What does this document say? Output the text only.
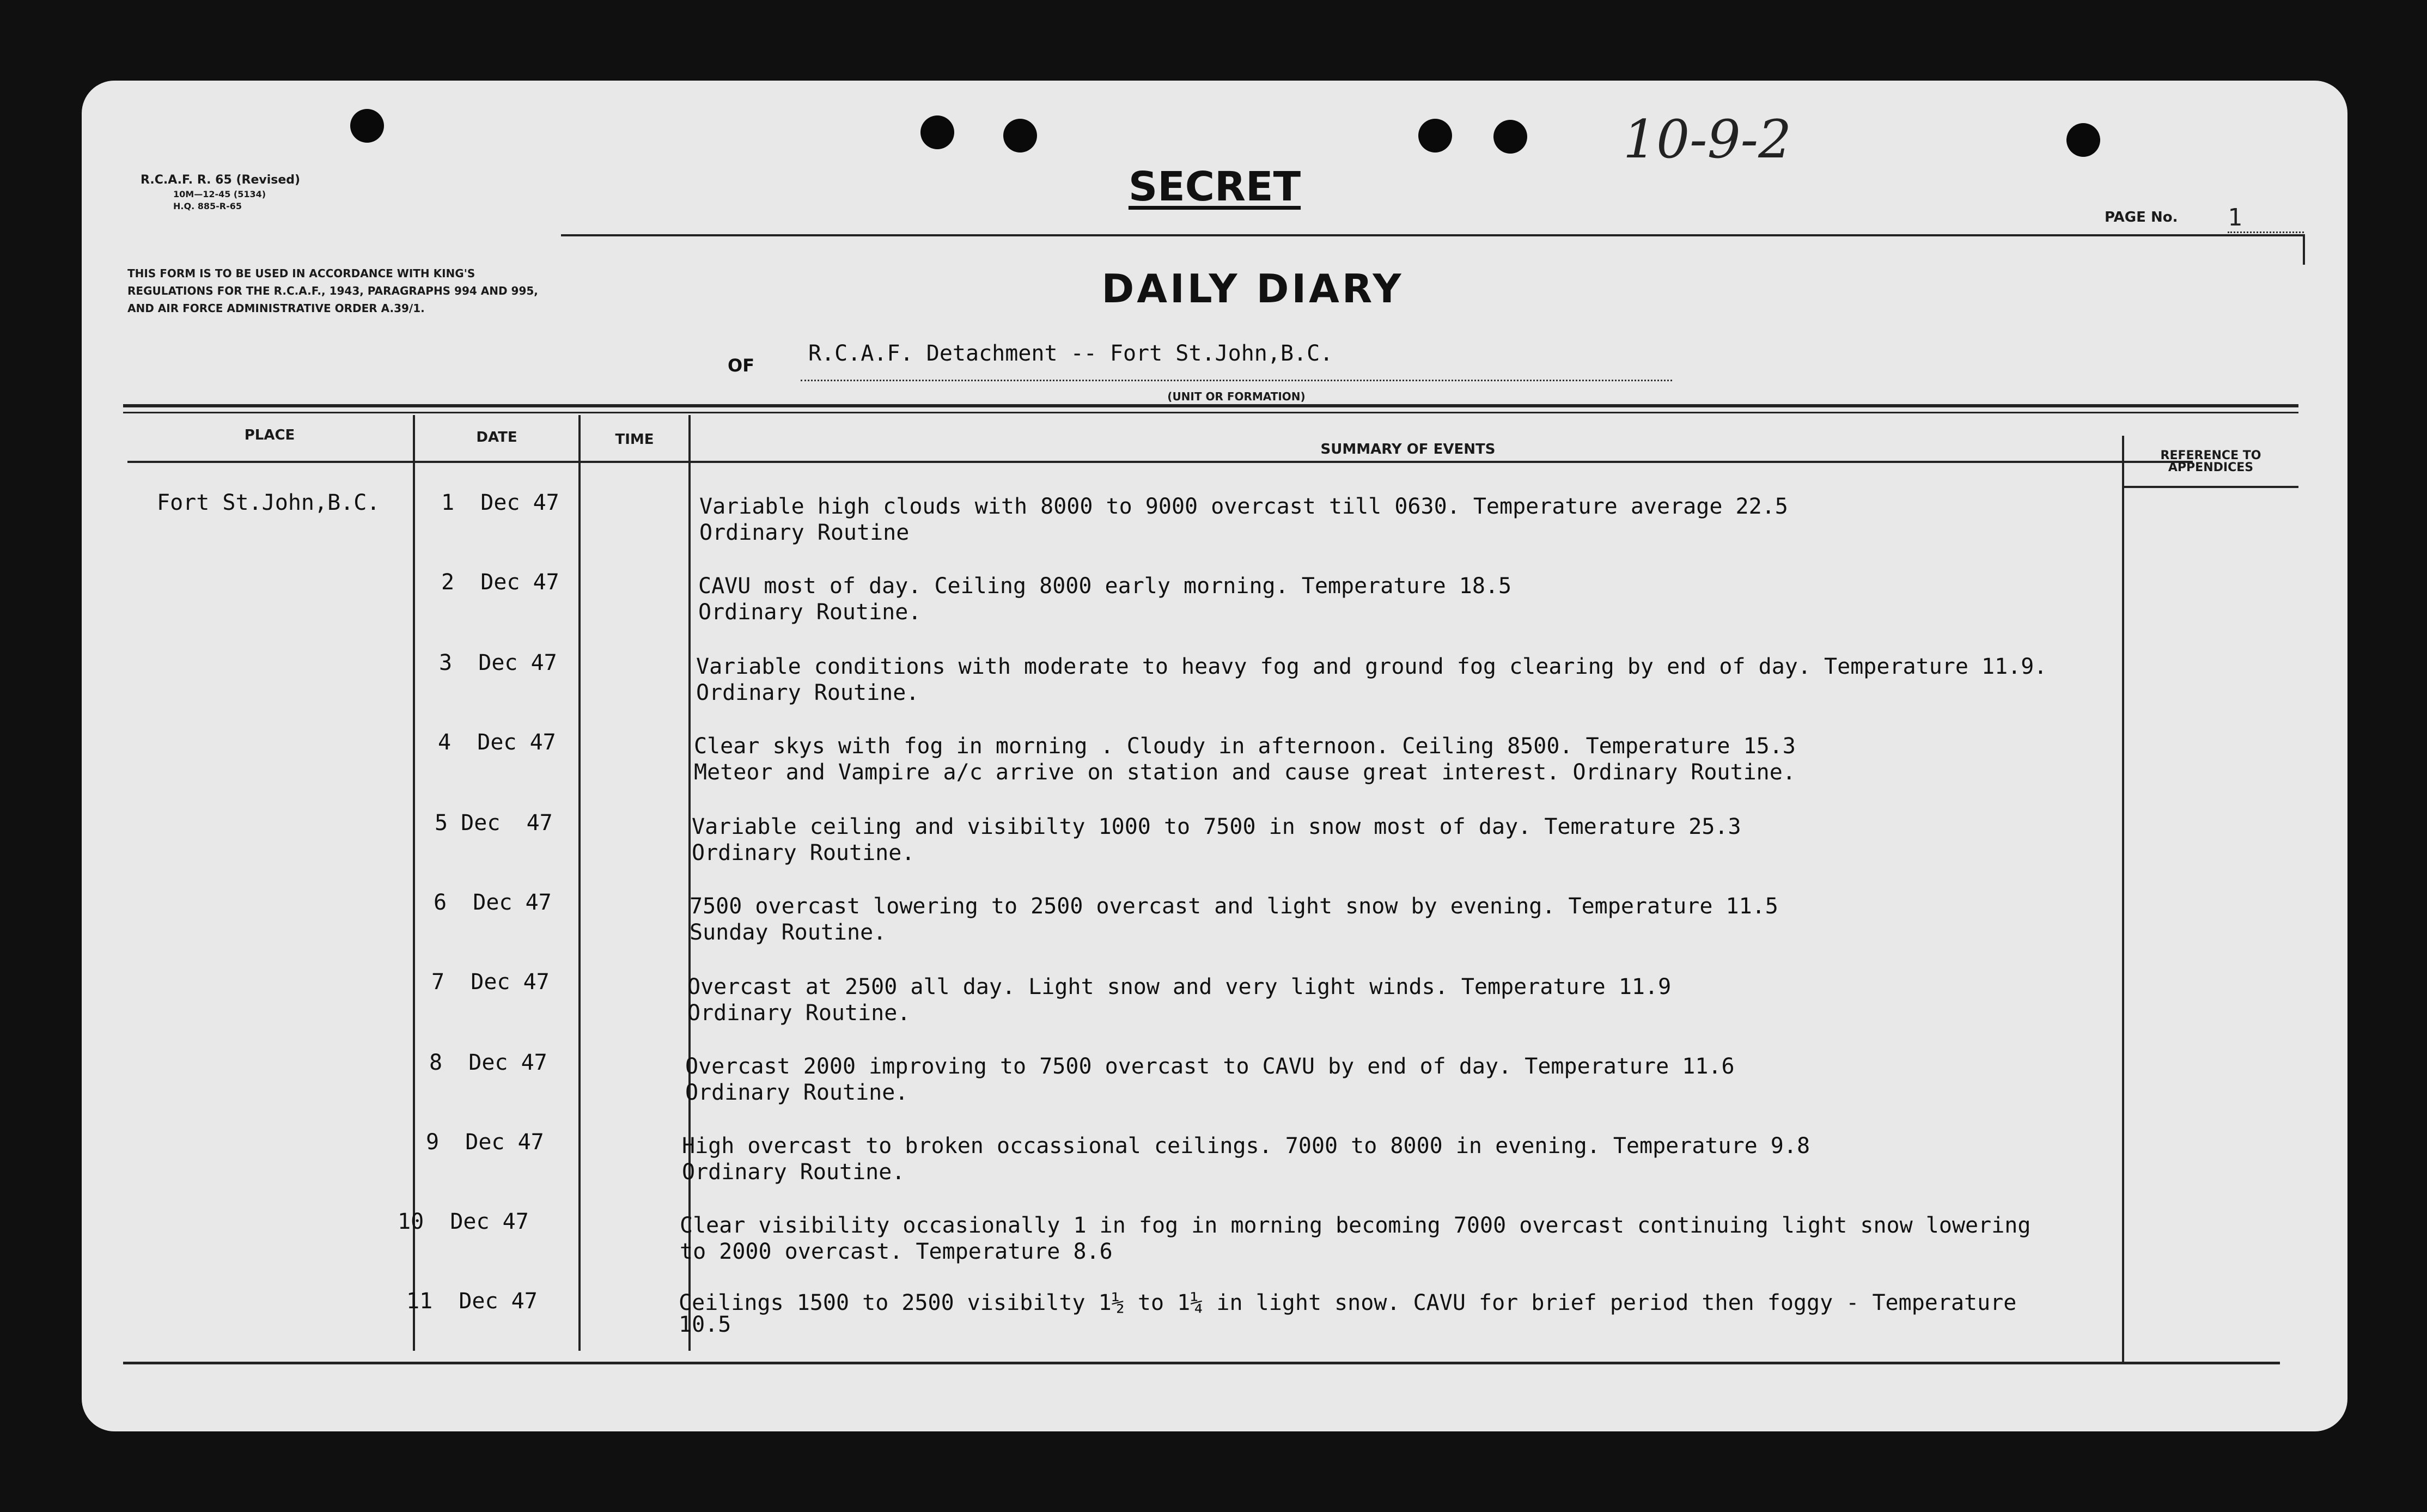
R.C.A.F. R. 65 (Revised)
10M—12-45 (5134)
H.Q. 885-R-65
THIS FORM IS TO BE USED IN ACCORDANCE WITH KING'S REGULATIONS FOR THE R.C.A.F., 1943, PARAGRAPHS 994 AND 995, AND AIR FORCE ADMINISTRATIVE ORDER A.39/1.
SECRET
10-9-2
PAGE No. 1
DAILY DIARY
OF	R.C.A.F. Detachment -- Fort St.John,B.C.
(UNIT OR FORMATION)
PLACE	DATE	TIME
SUMMARY OF EVENTS	REFERENCE TO APPENDICES
Fort St.John,B.C.	1  Dec 47	Variable high clouds with 8000 to 9000 overcast till 0630. Temperature average 22.5
Ordinary Routine
2  Dec 47	CAVU most of day. Ceiling 8000 early morning. Temperature 18.5
Ordinary Routine.
3  Dec 47	Variable conditions with moderate to heavy fog and ground fog clearing by end of day. Temperature 11.9.
Ordinary Routine.
4  Dec 47	Clear skys with fog in morning . Cloudy in afternoon. Ceiling 8500. Temperature 15.3
Meteor and Vampire a/c arrive on station and cause great interest. Ordinary Routine.
5 Dec  47	Variable ceiling and visibilty 1000 to 7500 in snow most of day. Temerature 25.3
Ordinary Routine.
6  Dec 47	7500 overcast lowering to 2500 overcast and light snow by evening. Temperature 11.5
Sunday Routine.
7  Dec 47	Overcast at 2500 all day. Light snow and very light winds. Temperature 11.9
Ordinary Routine.
8  Dec 47	Overcast 2000 improving to 7500 overcast to CAVU by end of day. Temperature 11.6
Ordinary Routine.
9  Dec 47	High overcast to broken occassional ceilings. 7000 to 8000 in evening. Temperature 9.8
Ordinary Routine.
10  Dec 47	Clear visibility occasionally 1 in fog in morning becoming 7000 overcast continuing light snow lowering
to 2000 overcast. Temperature 8.6
11  Dec 47	Ceilings 1500 to 2500 visibilty 1½ to 1¼ in light snow. CAVU for brief period then foggy - Temperature
10.5
